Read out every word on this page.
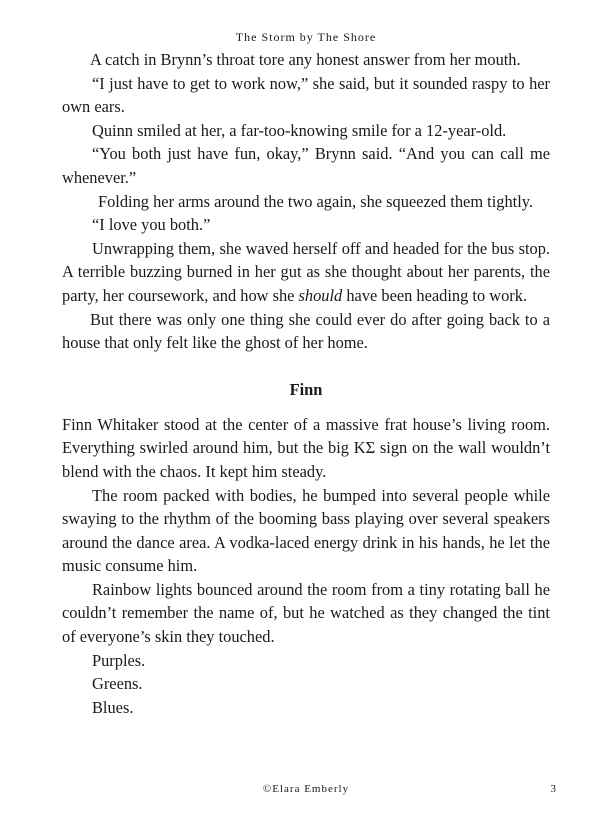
The Storm by The Shore

A catch in Brynn’s throat tore any honest answer from her mouth.

“I just have to get to work now,” she said, but it sounded raspy to her own ears.

Quinn smiled at her, a far-too-knowing smile for a 12-year-old.

“You both just have fun, okay,” Brynn said. “And you can call me whenever.”

Folding her arms around the two again, she squeezed them tightly.

“I love you both.”

Unwrapping them, she waved herself off and headed for the bus stop. A terrible buzzing burned in her gut as she thought about her parents, the party, her coursework, and how she should have been heading to work.

But there was only one thing she could ever do after going back to a house that only felt like the ghost of her home.

Finn

Finn Whitaker stood at the center of a massive frat house’s living room. Everything swirled around him, but the big ΚΣ sign on the wall wouldn’t blend with the chaos. It kept him steady.

The room packed with bodies, he bumped into several people while swaying to the rhythm of the booming bass playing over several speakers around the dance area. A vodka-laced energy drink in his hands, he let the music consume him.

Rainbow lights bounced around the room from a tiny rotating ball he couldn’t remember the name of, but he watched as they changed the tint of everyone’s skin they touched.

Purples.

Greens.

Blues.

©Elara Emberly	3
